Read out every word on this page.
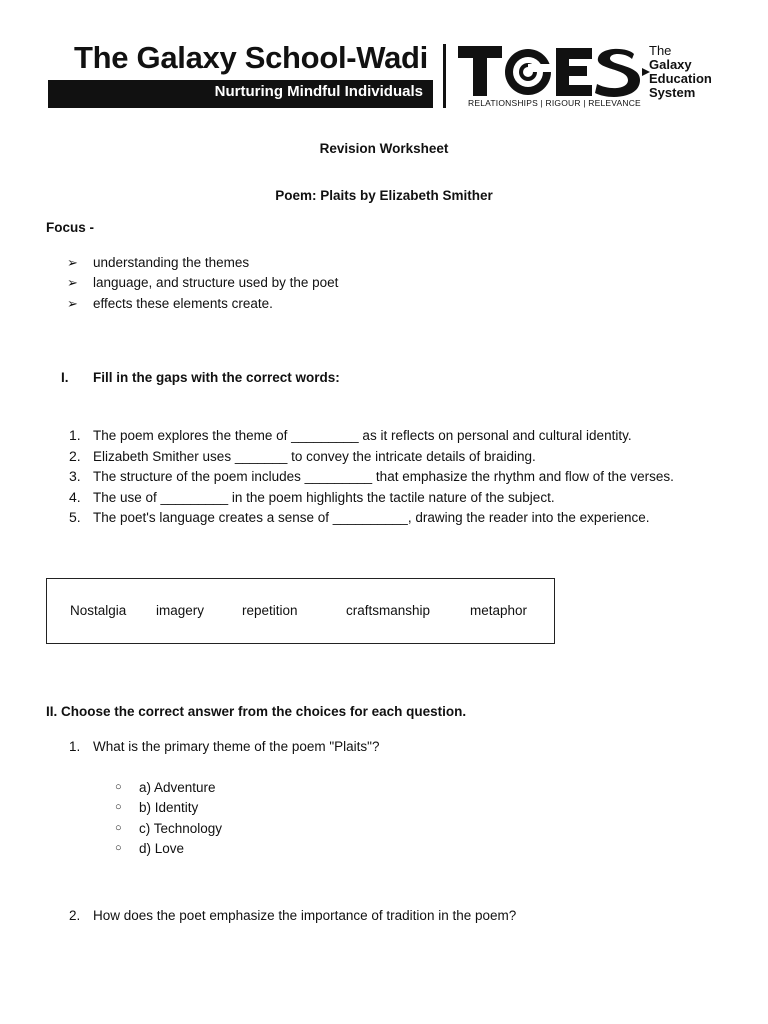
The Galaxy School-Wadi
Nurturing Mindful Individuals
RELATIONSHIPS | RIGOUR | RELEVANCE
The
Galaxy
Education
System
Revision Worksheet
Poem: Plaits by Elizabeth Smither
Focus -
➢ understanding the themes
➢ language, and structure used by the poet
➢ effects these elements create.
I. Fill in the gaps with the correct words:
1. The poem explores the theme of _________ as it reflects on personal and cultural identity.
2. Elizabeth Smither uses _______ to convey the intricate details of braiding.
3. The structure of the poem includes _________ that emphasize the rhythm and flow of the verses.
4. The use of _________ in the poem highlights the tactile nature of the subject.
5. The poet's language creates a sense of __________, drawing the reader into the experience.
Nostalgia imagery	repetition	craftsmanship	metaphor
II. Choose the correct answer from the choices for each question.
1. What is the primary theme of the poem "Plaits"?
○ a) Adventure
○ b) Identity
○ c) Technology
○ d) Love
2. How does the poet emphasize the importance of tradition in the poem?
